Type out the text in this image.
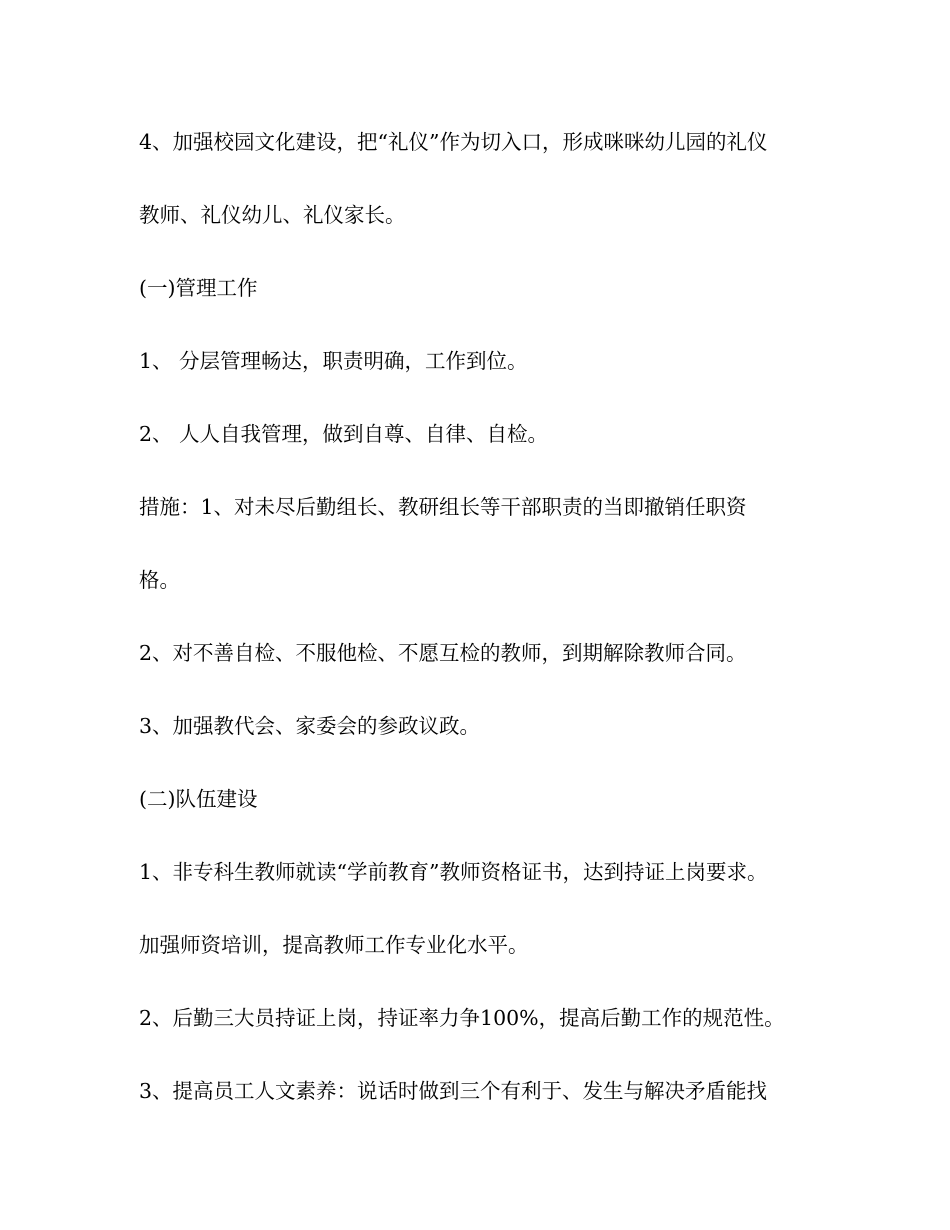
4、加强校园文化建设，把“礼仪”作为切入口，形成咪咪幼儿园的礼仪
教师、礼仪幼儿、礼仪家长。
(一)管理工作
1、 分层管理畅达，职责明确，工作到位。
2、 人人自我管理，做到自尊、自律、自检。
措施：1、对未尽后勤组长、教研组长等干部职责的当即撤销任职资
格。
2、对不善自检、不服他检、不愿互检的教师，到期解除教师合同。
3、加强教代会、家委会的参政议政。
(二)队伍建设
1、非专科生教师就读“学前教育”教师资格证书，达到持证上岗要求。
加强师资培训，提高教师工作专业化水平。
2、后勤三大员持证上岗，持证率力争100%，提高后勤工作的规范性。
3、提高员工人文素养：说话时做到三个有利于、发生与解决矛盾能找
